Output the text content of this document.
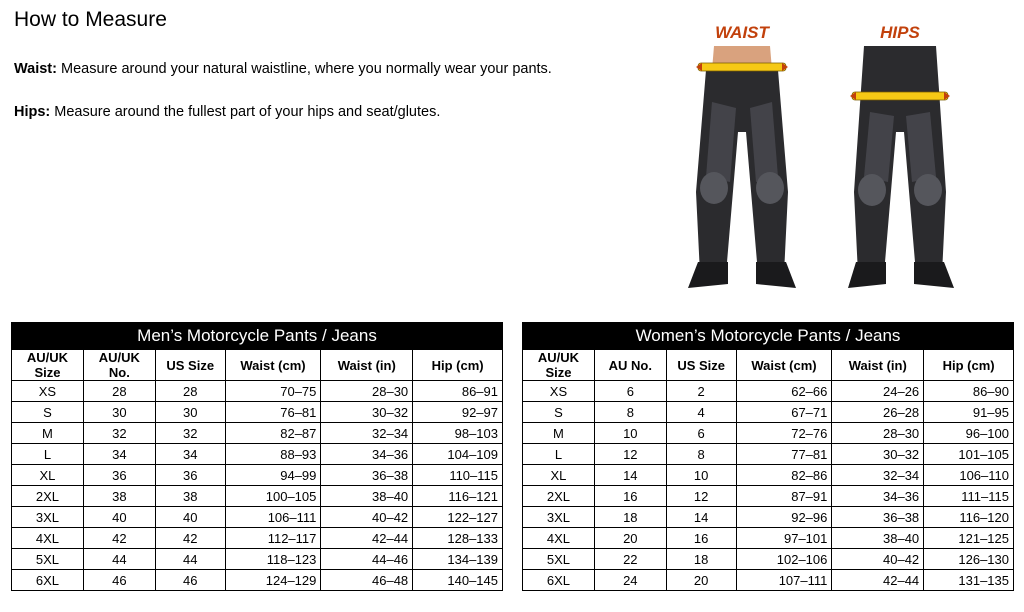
How to Measure
Waist: Measure around your natural waistline, where you normally wear your pants.
Hips: Measure around the fullest part of your hips and seat/glutes.
WAIST	HIPS
Men’s Motorcycle Pants / Jeans
AU/UK Size	AU/UK No.	US Size	Waist (cm)	Waist (in)	Hip (cm)
XS	28	28	70–75	28–30	86–91
S	30	30	76–81	30–32	92–97
M	32	32	82–87	32–34	98–103
L	34	34	88–93	34–36	104–109
XL	36	36	94–99	36–38	110–115
2XL	38	38	100–105	38–40	116–121
3XL	40	40	106–111	40–42	122–127
4XL	42	42	112–117	42–44	128–133
5XL	44	44	118–123	44–46	134–139
6XL	46	46	124–129	46–48	140–145
Women’s Motorcycle Pants / Jeans
AU/UK Size	AU No.	US Size	Waist (cm)	Waist (in)	Hip (cm)
XS	6	2	62–66	24–26	86–90
S	8	4	67–71	26–28	91–95
M	10	6	72–76	28–30	96–100
L	12	8	77–81	30–32	101–105
XL	14	10	82–86	32–34	106–110
2XL	16	12	87–91	34–36	111–115
3XL	18	14	92–96	36–38	116–120
4XL	20	16	97–101	38–40	121–125
5XL	22	18	102–106	40–42	126–130
6XL	24	20	107–111	42–44	131–135
